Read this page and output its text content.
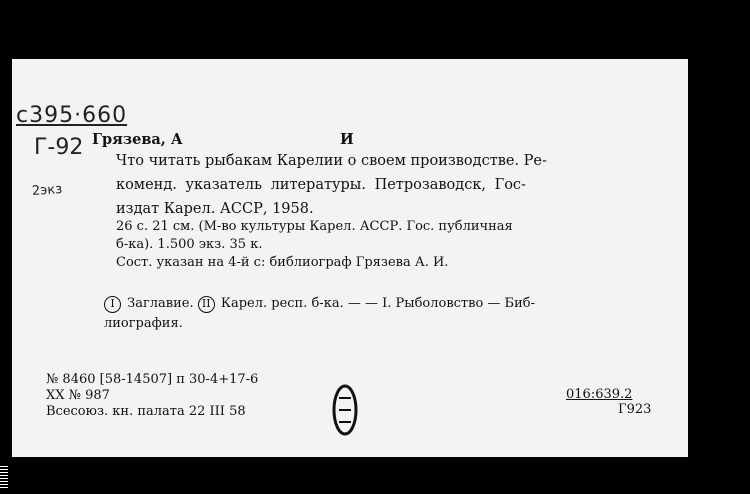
с395·660
Г-92
2экз
Грязева, А	И
Что читать рыбакам Карелии о своем производстве. Ре-
коменд. указатель литературы. Петрозаводск, Гос-
издат Карел. АССР, 1958.
26 с. 21 см. (М-во культуры Карел. АССР. Гос. публичная
б-ка). 1.500 экз. 35 к.
Сост. указан на 4-й с: библиограф Грязева А. И.
I Заглавие. II Карел. респ. б-ка. — — I. Рыболовство — Биб-
лиография.
№ 8460 [58-14507] п 30-4+17-6
XX № 987
Всесоюз. кн. палата 22 III 58
016:639.2
Г923
